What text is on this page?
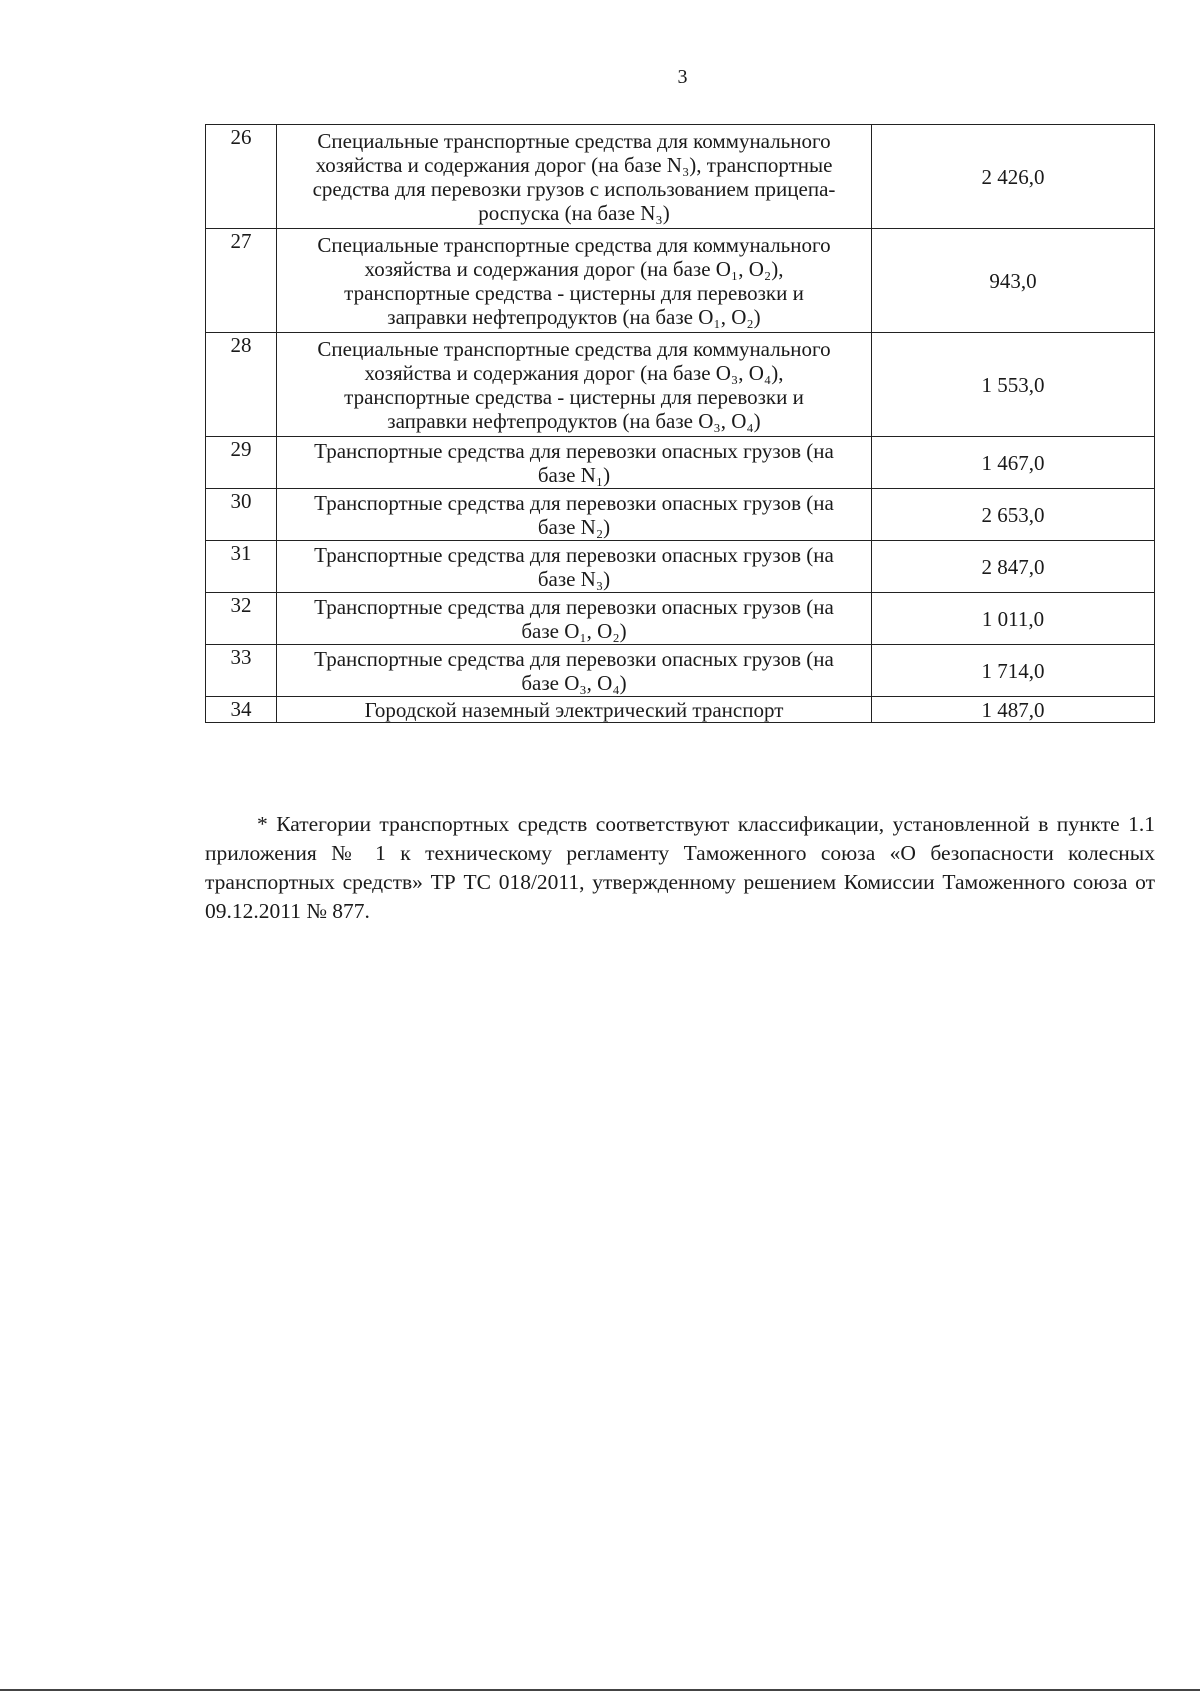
3
26	Специальные транспортные средства для коммунального
хозяйства и содержания дорог (на базе N₃), транспортные
средства для перевозки грузов с использованием прицепа-
роспуска (на базе N₃)	2 426,0
27	Специальные транспортные средства для коммунального
хозяйства и содержания дорог (на базе O₁, O₂),
транспортные средства - цистерны для перевозки и
заправки нефтепродуктов (на базе O₁, O₂)	943,0
28	Специальные транспортные средства для коммунального
хозяйства и содержания дорог (на базе O₃, O₄),
транспортные средства - цистерны для перевозки и
заправки нефтепродуктов (на базе O₃, O₄)	1 553,0
29	Транспортные средства для перевозки опасных грузов (на
базе N₁)	1 467,0
30	Транспортные средства для перевозки опасных грузов (на
базе N₂)	2 653,0
31	Транспортные средства для перевозки опасных грузов (на
базе N₃)	2 847,0
32	Транспортные средства для перевозки опасных грузов (на
базе O₁, O₂)	1 011,0
33	Транспортные средства для перевозки опасных грузов (на
базе O₃, O₄)	1 714,0
34	Городской наземный электрический транспорт	1 487,0

* Категории транспортных средств соответствуют классификации, установленной в пункте 1.1 приложения № 1 к техническому регламенту Таможенного союза «О безопасности колесных транспортных средств» ТР ТС 018/2011, утвержденному решением Комиссии Таможенного союза от 09.12.2011 № 877.
